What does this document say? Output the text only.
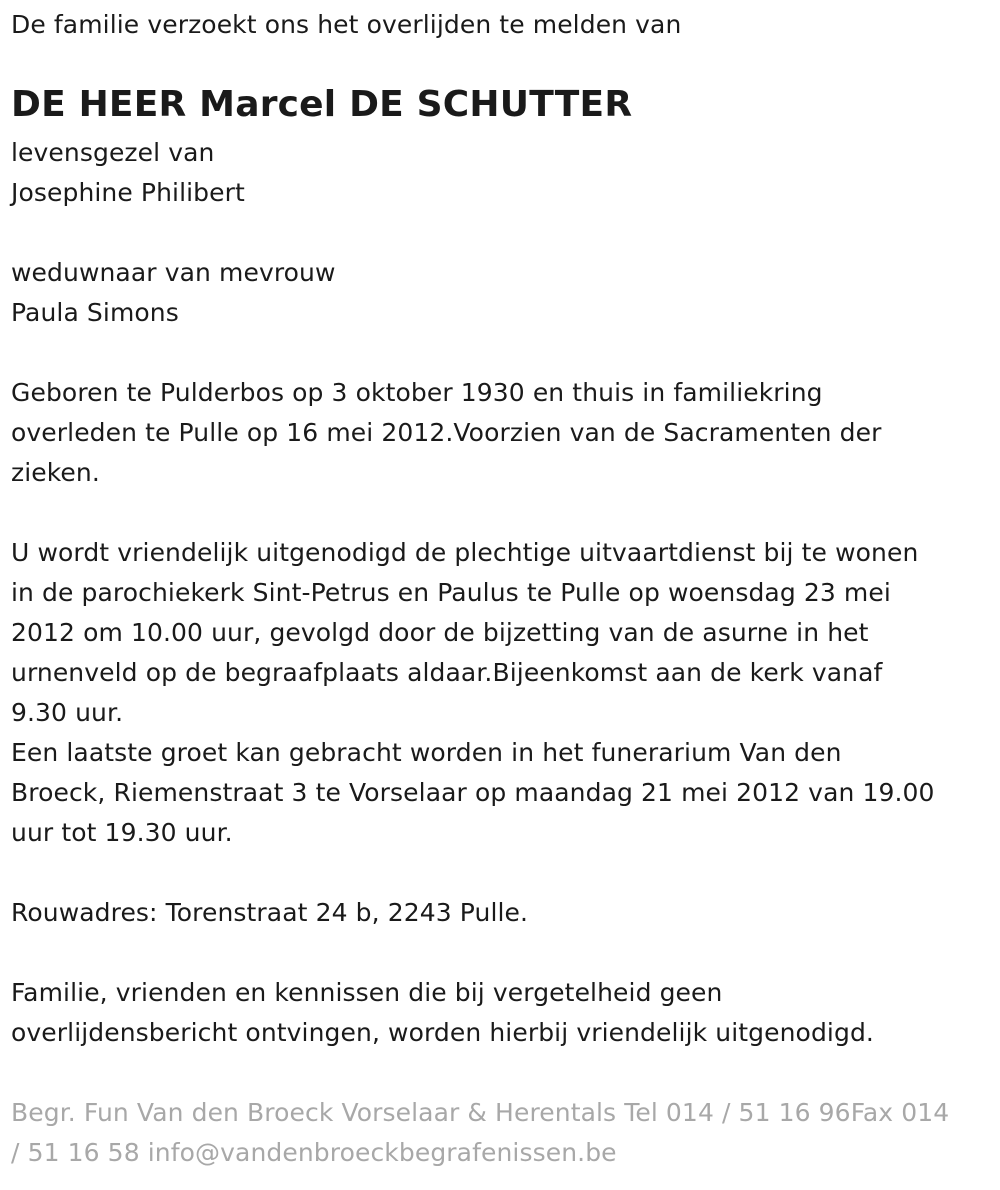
De familie verzoekt ons het overlijden te melden van
DE HEER Marcel DE SCHUTTER
levensgezel van
Josephine Philibert
weduwnaar van mevrouw
Paula Simons
Geboren te Pulderbos op 3 oktober 1930 en thuis in familiekring
overleden te Pulle op 16 mei 2012.Voorzien van de Sacramenten der
zieken.
U wordt vriendelijk uitgenodigd de plechtige uitvaartdienst bij te wonen
in de parochiekerk Sint-Petrus en Paulus te Pulle op woensdag 23 mei
2012 om 10.00 uur, gevolgd door de bijzetting van de asurne in het
urnenveld op de begraafplaats aldaar.Bijeenkomst aan de kerk vanaf
9.30 uur.
Een laatste groet kan gebracht worden in het funerarium Van den
Broeck, Riemenstraat 3 te Vorselaar op maandag 21 mei 2012 van 19.00
uur tot 19.30 uur.
Rouwadres: Torenstraat 24 b, 2243 Pulle.
Familie, vrienden en kennissen die bij vergetelheid geen
overlijdensbericht ontvingen, worden hierbij vriendelijk uitgenodigd.
Begr. Fun Van den Broeck Vorselaar & Herentals Tel 014 / 51 16 96Fax 014
/ 51 16 58 info@vandenbroeckbegrafenissen.be
